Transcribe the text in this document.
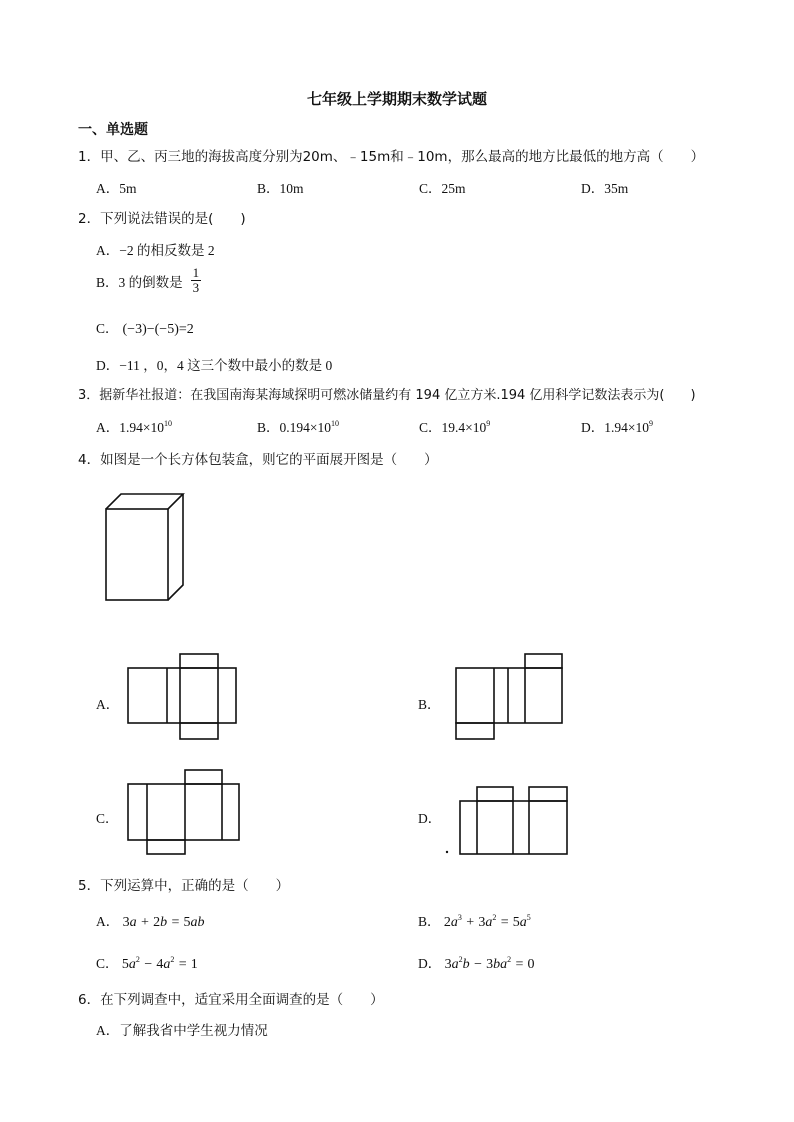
七年级上学期期末数学试题
一、单选题
1．甲、乙、丙三地的海拔高度分别为20m、﹣15m和﹣10m，那么最高的地方比最低的地方高（　　）
A．5m	B．10m	C．25m	D．35m
2．下列说法错误的是(　　)
A．−2 的相反数是 2
B．3 的倒数是 $\frac{1}{3}$
C． (−3)−(−5)=2
D．−11 ，0，4 这三个数中最小的数是 0
3．据新华社报道：在我国南海某海域探明可燃冰储量约有 194 亿立方米.194 亿用科学记数法表示为(　　)
A．$1.94\times 10^{10}$	B．$0.194\times 10^{10}$	C．$19.4\times 10^9$	D．$1.94\times 10^9$
4．如图是一个长方体包装盒，则它的平面展开图是（　　）
A．	B．
C．	D．
5．下列运算中，正确的是（　　）
A． 3a + 2b = 5ab	B． $2a^3 + 3a^2 = 5a^5$
C． $5a^2 - 4a^2 = 1$	D． $3a^2b - 3ba^2 = 0$
6．在下列调查中，适宜采用全面调查的是（　　）
A．了解我省中学生视力情况
